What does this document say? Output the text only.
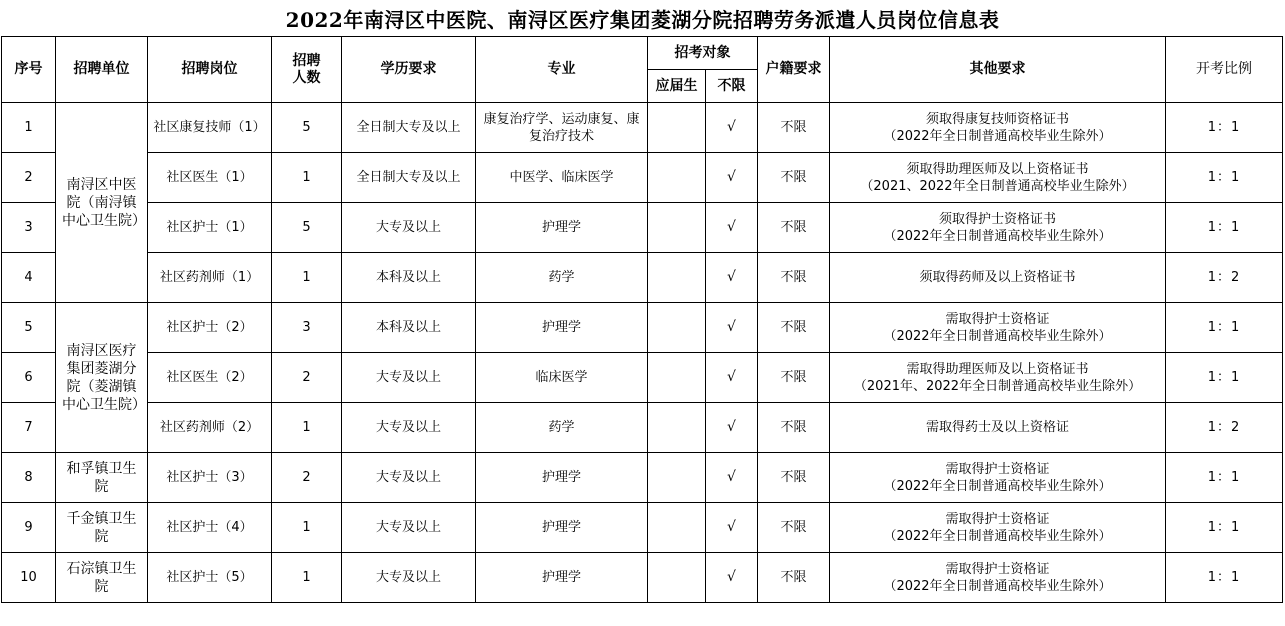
2022年南浔区中医院、南浔区医疗集团菱湖分院招聘劳务派遣人员岗位信息表
序号	招聘单位	招聘岗位	招聘人数	学历要求	专业	招考对象		户籍要求	其他要求	开考比例
						应届生	不限			
1	南浔区中医院（南浔镇中心卫生院）	社区康复技师（1）	5	全日制大专及以上	康复治疗学、运动康复、康复治疗技术		√	不限	须取得康复技师资格证书
（2022年全日制普通高校毕业生除外）	1：1
2		社区医生（1）	1	全日制大专及以上	中医学、临床医学		√	不限	须取得助理医师及以上资格证书
（2021、2022年全日制普通高校毕业生除外）	1：1
3		社区护士（1）	5	大专及以上	护理学		√	不限	须取得护士资格证书
（2022年全日制普通高校毕业生除外）	1：1
4		社区药剂师（1）	1	本科及以上	药学		√	不限	须取得药师及以上资格证书	1：2
5	南浔区医疗集团菱湖分院（菱湖镇中心卫生院）	社区护士（2）	3	本科及以上	护理学		√	不限	需取得护士资格证
（2022年全日制普通高校毕业生除外）	1：1
6		社区医生（2）	2	大专及以上	临床医学		√	不限	需取得助理医师及以上资格证书
（2021年、2022年全日制普通高校毕业生除外）	1：1
7		社区药剂师（2）	1	大专及以上	药学		√	不限	需取得药士及以上资格证	1：2
8	和孚镇卫生院	社区护士（3）	2	大专及以上	护理学		√	不限	需取得护士资格证
（2022年全日制普通高校毕业生除外）	1：1
9	千金镇卫生院	社区护士（4）	1	大专及以上	护理学		√	不限	需取得护士资格证
（2022年全日制普通高校毕业生除外）	1：1
10	石淙镇卫生院	社区护士（5）	1	大专及以上	护理学		√	不限	需取得护士资格证
（2022年全日制普通高校毕业生除外）	1：1
